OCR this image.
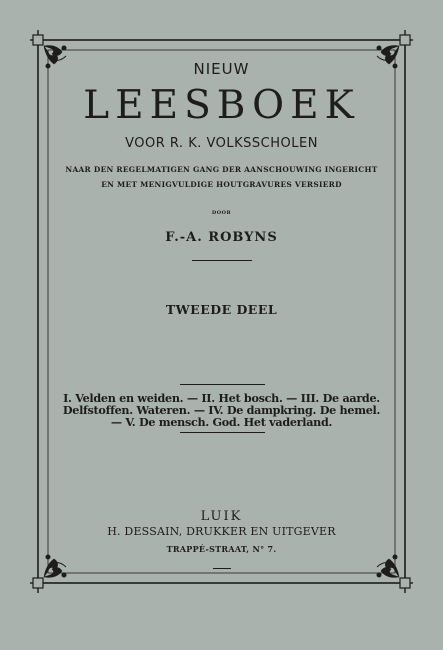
NIEUW
LEESBOEK
VOOR R. K. VOLKSSCHOLEN
NAAR DEN REGELMATIGEN GANG DER AANSCHOUWING INGERICHT
EN MET MENIGVULDIGE HOUTGRAVURES VERSIERD
DOOR
F.-A. ROBYNS
TWEEDE DEEL
I. Velden en weiden. — II. Het bosch. — III. De aarde.
Delfstoffen. Wateren. — IV. De dampkring. De hemel.
— V. De mensch. God. Het vaderland.
LUIK
H. DESSAIN, DRUKKER EN UITGEVER
TRAPPÉ-STRAAT, N° 7.
